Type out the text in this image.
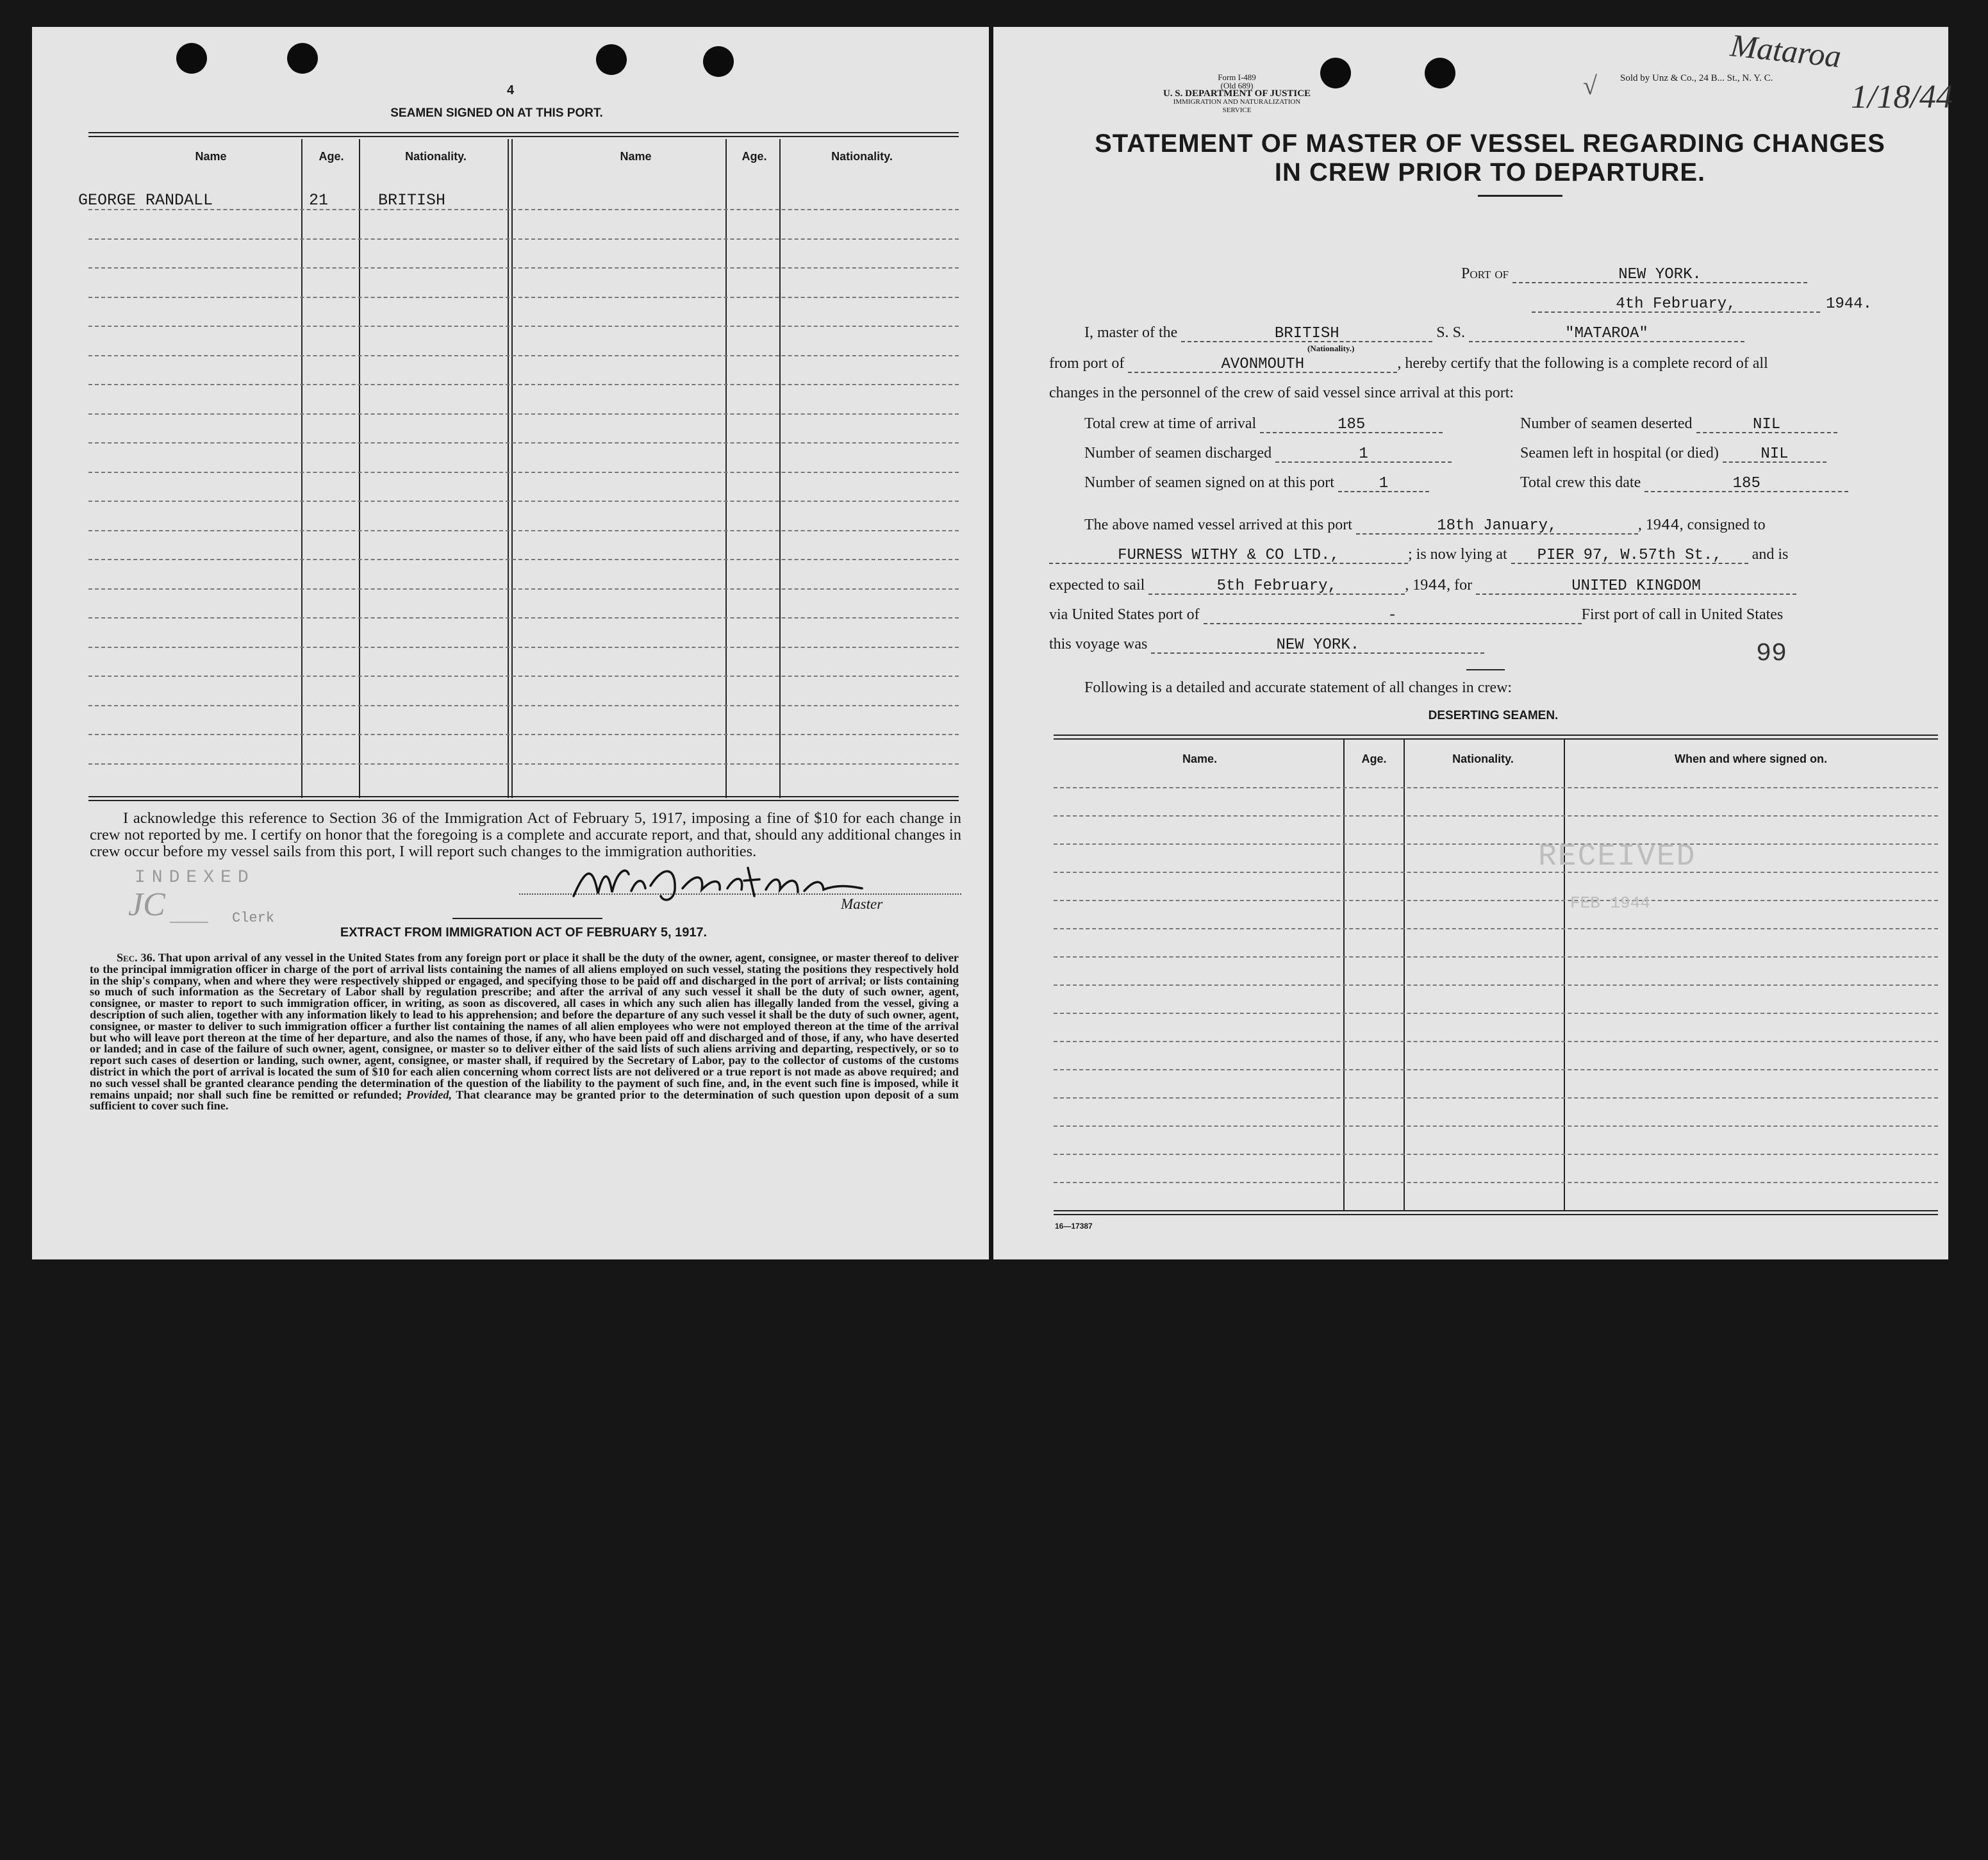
4
SEAMEN SIGNED ON AT THIS PORT.
Name	Age.	Nationality.	Name	Age.	Nationality.
GEORGE RANDALL	21	BRITISH
I acknowledge this reference to Section 36 of the Immigration Act of February 5, 1917, imposing a fine of $10 for each change in crew not reported by me. I certify on honor that the foregoing is a complete and accurate report, and that, should any additional changes in crew occur before my vessel sails from this port, I will report such changes to the immigration authorities.
INDEXED
JC	Clerk
Master
EXTRACT FROM IMMIGRATION ACT OF FEBRUARY 5, 1917.
Sec. 36. That upon arrival of any vessel in the United States from any foreign port or place it shall be the duty of the owner, agent, consignee, or master thereof to deliver to the principal immigration officer in charge of the port of arrival lists containing the names of all aliens employed on such vessel, stating the positions they respectively hold in the ship's company, when and where they were respectively shipped or engaged, and specifying those to be paid off and discharged in the port of arrival; or lists containing so much of such information as the Secretary of Labor shall by regulation prescribe; and after the arrival of any such vessel it shall be the duty of such owner, agent, consignee, or master to report to such immigration officer, in writing, as soon as discovered, all cases in which any such alien has illegally landed from the vessel, giving a description of such alien, together with any information likely to lead to his apprehension; and before the departure of any such vessel it shall be the duty of such owner, agent, consignee, or master to deliver to such immigration officer a further list containing the names of all alien employees who were not employed thereon at the time of the arrival but who will leave port thereon at the time of her departure, and also the names of those, if any, who have been paid off and discharged and of those, if any, who have deserted or landed; and in case of the failure of such owner, agent, consignee, or master so to deliver either of the said lists of such aliens arriving and departing, respectively, or so to report such cases of desertion or landing, such owner, agent, consignee, or master shall, if required by the Secretary of Labor, pay to the collector of customs of the customs district in which the port of arrival is located the sum of $10 for each alien concerning whom correct lists are not delivered or a true report is not made as above required; and no such vessel shall be granted clearance pending the determination of the question of the liability to the payment of such fine, and, in the event such fine is imposed, while it remains unpaid; nor shall such fine be remitted or refunded; Provided, That clearance may be granted prior to the determination of such question upon deposit of a sum sufficient to cover such fine.
Form I-489
(Old 689)
U. S. DEPARTMENT OF JUSTICE
IMMIGRATION AND NATURALIZATION SERVICE
Sold by Unz & Co., 24 B... St., N. Y. C.
√
Mataroa
1/18/44
STATEMENT OF MASTER OF VESSEL REGARDING CHANGES
IN CREW PRIOR TO DEPARTURE.
Port of	NEW YORK.
4th February,	1944.
I, master of the	BRITISH	S. S.	"MATAROA"
(Nationality.)
from port of	AVONMOUTH	, hereby certify that the following is a complete record of all
changes in the personnel of the crew of said vessel since arrival at this port:
Total crew at time of arrival	185	Number of seamen deserted	NIL
Number of seamen discharged	1	Seamen left in hospital (or died)	NIL
Number of seamen signed on at this port	1	Total crew this date	185
The above named vessel arrived at this port	18th January,	, 1944, consigned to
FURNESS WITHY & CO LTD.,	; is now lying at PIER 97, W.57th St., and is
expected to sail	5th February,	, 1944, for	UNITED KINGDOM
via United States port of	-	First port of call in United States
this voyage was	NEW YORK.	99
Following is a detailed and accurate statement of all changes in crew:
DESERTING SEAMEN.
Name.	Age.	Nationality.	When and where signed on.
RECEIVED
FEB 1944
16—17387
